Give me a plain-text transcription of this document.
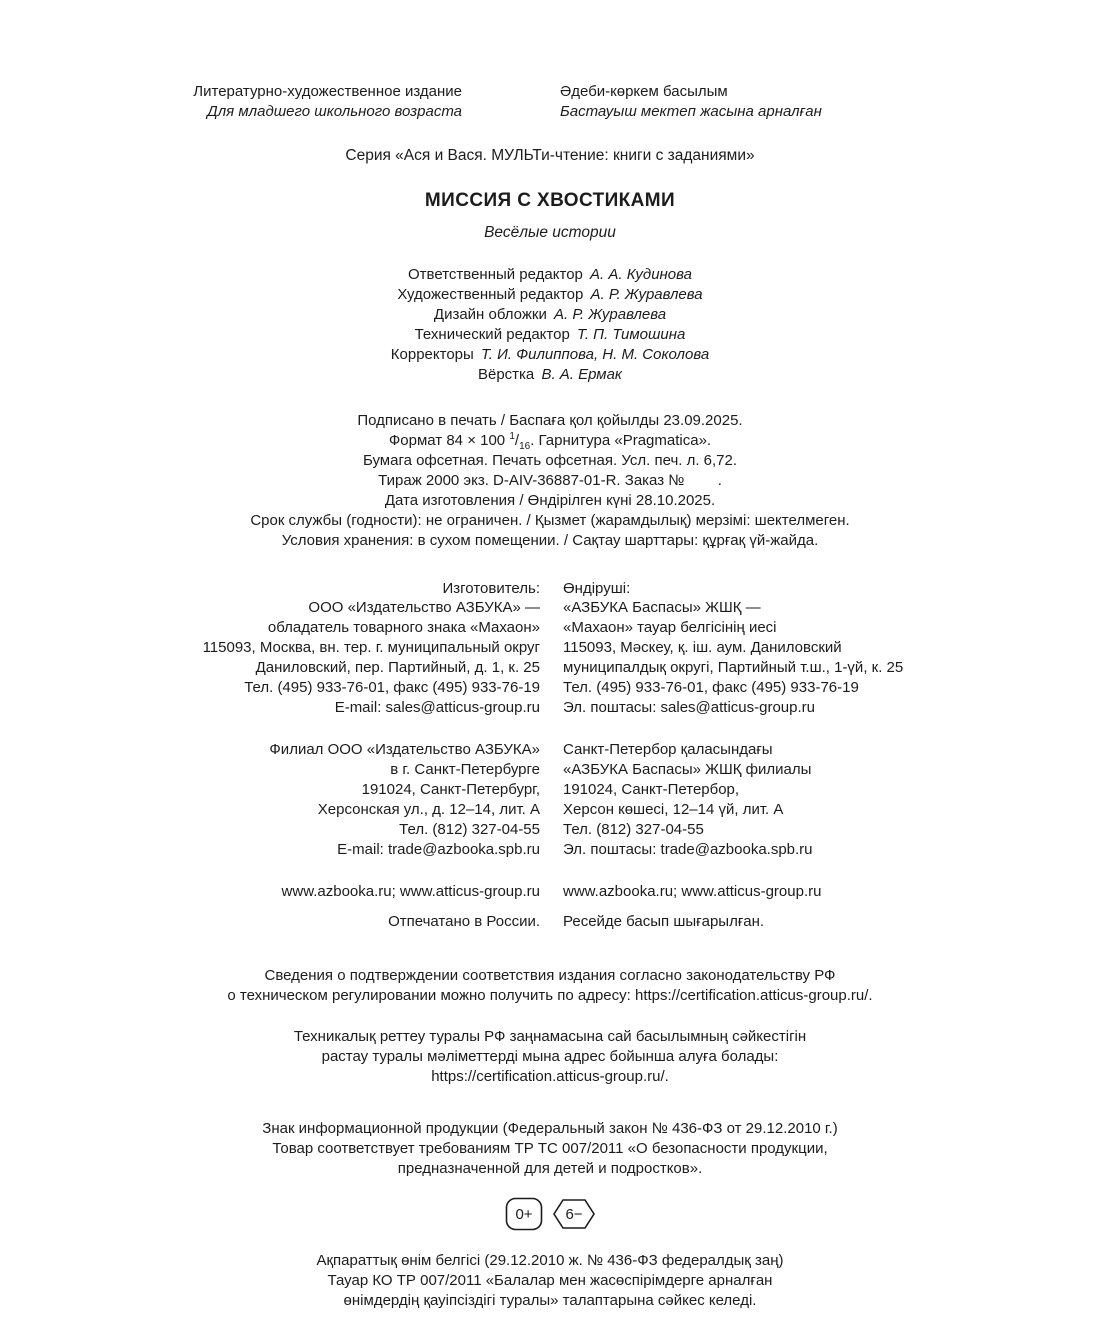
Литературно-художественное издание

Для младшего школьного возраста

Әдеби-көркем басылым

Бастауыш мектеп жасына арналған

Серия «Ася и Вася. МУЛЬТи-чтение: книги с заданиями»

МИССИЯ С ХВОСТИКАМИ

Весёлые истории

Ответственный редактор А. А. Кудинова

Художественный редактор А. Р. Журавлева

Дизайн обложки А. Р. Журавлева

Технический редактор Т. П. Тимошина

Корректоры Т. И. Филиппова, Н. М. Соколова

Вёрстка В. А. Ермак

Подписано в печать / Баспаға қол қойылды 23.09.2025.

Формат 84 × 100 $^1/_{16}$. Гарнитура «Pragmatica».

Бумага офсетная. Печать офсетная. Усл. печ. л. 6,72.

Тираж 2000 экз. D-AIV-36887-01-R. Заказ №        .

Дата изготовления / Өндірілген күні 28.10.2025.

Срок службы (годности): не ограничен. / Қызмет (жарамдылық) мерзімі: шектелмеген.

Условия хранения: в сухом помещении. / Сақтау шарттары: құрғақ үй-жайда.

Изготовитель:

ООО «Издательство АЗБУКА» —

обладатель товарного знака «Махаон»

115093, Москва, вн. тер. г. муниципальный округ

Даниловский, пер. Партийный, д. 1, к. 25

Тел. (495) 933-76-01, факс (495) 933-76-19

E-mail: sales@atticus-group.ru

Өндіруші:

«АЗБУКА Баспасы» ЖШҚ —

«Махаон» тауар белгісінің иесі

115093, Мәскеу, қ. іш. аум. Даниловский

муниципалдық округі, Партийный т.ш., 1-үй, к. 25

Тел. (495) 933-76-01, факс (495) 933-76-19

Эл. поштасы: sales@atticus-group.ru

Филиал ООО «Издательство АЗБУКА»

в г. Санкт-Петербурге

191024, Санкт-Петербург,

Херсонская ул., д. 12–14, лит. А

Тел. (812) 327-04-55

E-mail: trade@azbooka.spb.ru

Санкт-Петербор қаласындағы

«АЗБУКА Баспасы» ЖШҚ филиалы

191024, Санкт-Петербор,

Херсон көшесі, 12–14 үй, лит. А

Тел. (812) 327-04-55

Эл. поштасы: trade@azbooka.spb.ru

www.azbooka.ru; www.atticus-group.ru www.azbooka.ru; www.atticus-group.ru

Отпечатано в России. Ресейде басып шығарылған.

Сведения о подтверждении соответствия издания согласно законодательству РФ

о техническом регулировании можно получить по адресу: https://certification.atticus-group.ru/.

Техникалық реттеу туралы РФ заңнамасына сай басылымның сәйкестігін

растау туралы мәліметтерді мына адрес бойынша алуға болады:

https://certification.atticus-group.ru/.

Знак информационной продукции (Федеральный закон № 436-ФЗ от 29.12.2010 г.)

Товар соответствует требованиям ТР ТС 007/2011 «О безопасности продукции,

предназначенной для детей и подростков».

0+ 6−

Ақпараттық өнім белгісі (29.12.2010 ж. № 436-ФЗ федералдық заң)

Тауар КО ТР 007/2011 «Балалар мен жасөспірімдерге арналған

өнімдердің қауіпсіздігі туралы» талаптарына сәйкес келеді.
